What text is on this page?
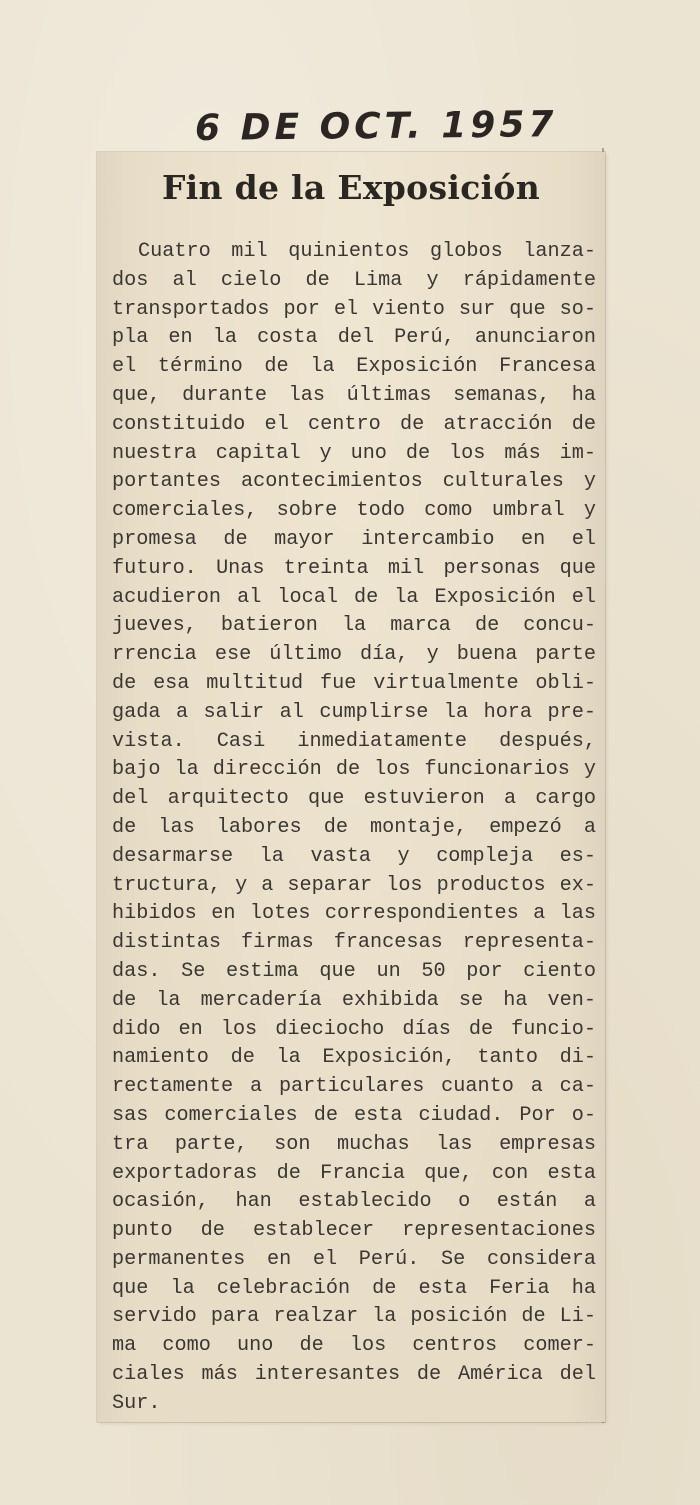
6 DE OCT. 1957
Fin de la Exposición
Cuatro mil quinientos globos lanza-
dos al cielo de Lima y rápidamente
transportados por el viento sur que so-
pla en la costa del Perú, anunciaron
el término de la Exposición Francesa
que, durante las últimas semanas, ha
constituido el centro de atracción de
nuestra capital y uno de los más im-
portantes acontecimientos culturales y
comerciales, sobre todo como umbral y
promesa de mayor intercambio en el
futuro. Unas treinta mil personas que
acudieron al local de la Exposición el
jueves, batieron la marca de concu-
rrencia ese último día, y buena parte
de esa multitud fue virtualmente obli-
gada a salir al cumplirse la hora pre-
vista. Casi inmediatamente después,
bajo la dirección de los funcionarios y
del arquitecto que estuvieron a cargo
de las labores de montaje, empezó a
desarmarse la vasta y compleja es-
tructura, y a separar los productos ex-
hibidos en lotes correspondientes a las
distintas firmas francesas representa-
das. Se estima que un 50 por ciento
de la mercadería exhibida se ha ven-
dido en los dieciocho días de funcio-
namiento de la Exposición, tanto di-
rectamente a particulares cuanto a ca-
sas comerciales de esta ciudad. Por o-
tra parte, son muchas las empresas
exportadoras de Francia que, con esta
ocasión, han establecido o están a
punto de establecer representaciones
permanentes en el Perú. Se considera
que la celebración de esta Feria ha
servido para realzar la posición de Li-
ma como uno de los centros comer-
ciales más interesantes de América del
Sur.
